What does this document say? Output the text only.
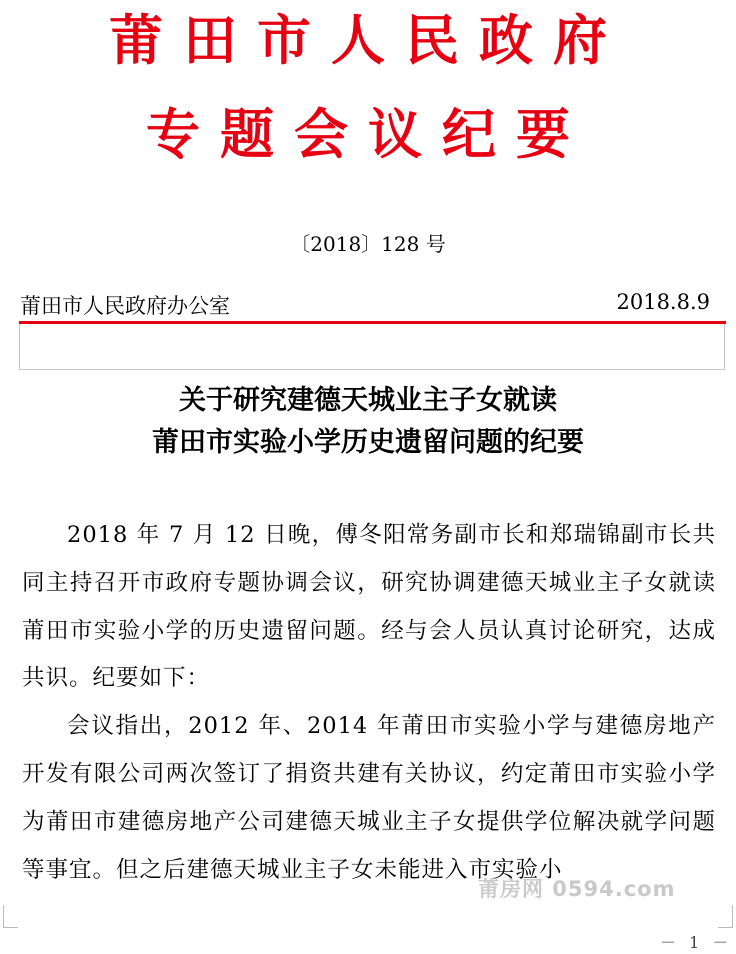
莆田市人民政府
专题会议纪要
〔2018〕128 号
莆田市人民政府办公室	2018.8.9
关于研究建德天城业主子女就读
莆田市实验小学历史遗留问题的纪要

2018 年 7 月 12 日晚，傅冬阳常务副市长和郑瑞锦副市长共同主持召开市政府专题协调会议，研究协调建德天城业主子女就读莆田市实验小学的历史遗留问题。经与会人员认真讨论研究，达成共识。纪要如下：

会议指出，2012 年、2014 年莆田市实验小学与建德房地产开发有限公司两次签订了捐资共建有关协议，约定莆田市实验小学为莆田市建德房地产公司建德天城业主子女提供学位解决就学问题等事宜。但之后建德天城业主子女未能进入市实验小

莆房网 0594.com
－ 1 －
